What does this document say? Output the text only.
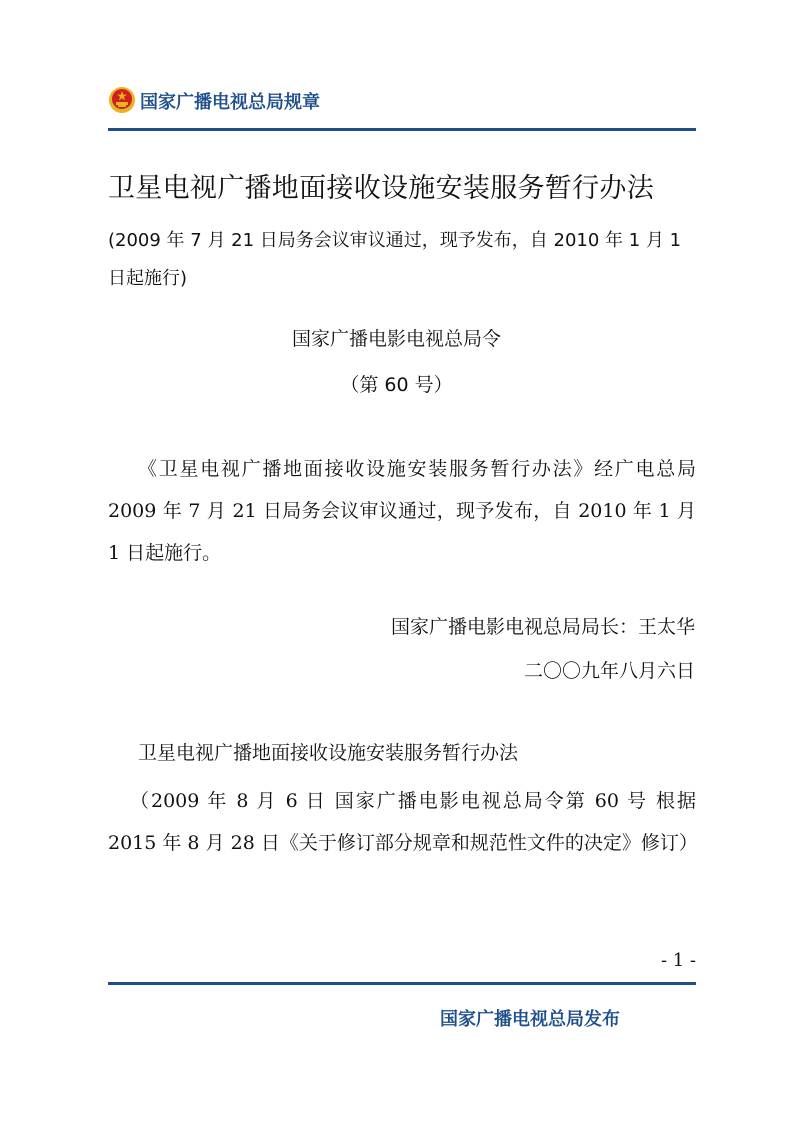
国家广播电视总局规章
卫星电视广播地面接收设施安装服务暂行办法
(2009 年 7 月 21 日局务会议审议通过，现予发布，自 2010 年 1 月 1 日起施行)
国家广播电影电视总局令
（第 60 号）
《卫星电视广播地面接收设施安装服务暂行办法》经广电总局 2009 年 7 月 21 日局务会议审议通过，现予发布，自 2010 年 1 月 1 日起施行。
国家广播电影电视总局局长：王太华
二〇〇九年八月六日
卫星电视广播地面接收设施安装服务暂行办法
（2009 年 8 月 6 日 国家广播电影电视总局令第 60 号 根据 2015 年 8 月 28 日《关于修订部分规章和规范性文件的决定》修订）
- 1 -
国家广播电视总局发布
